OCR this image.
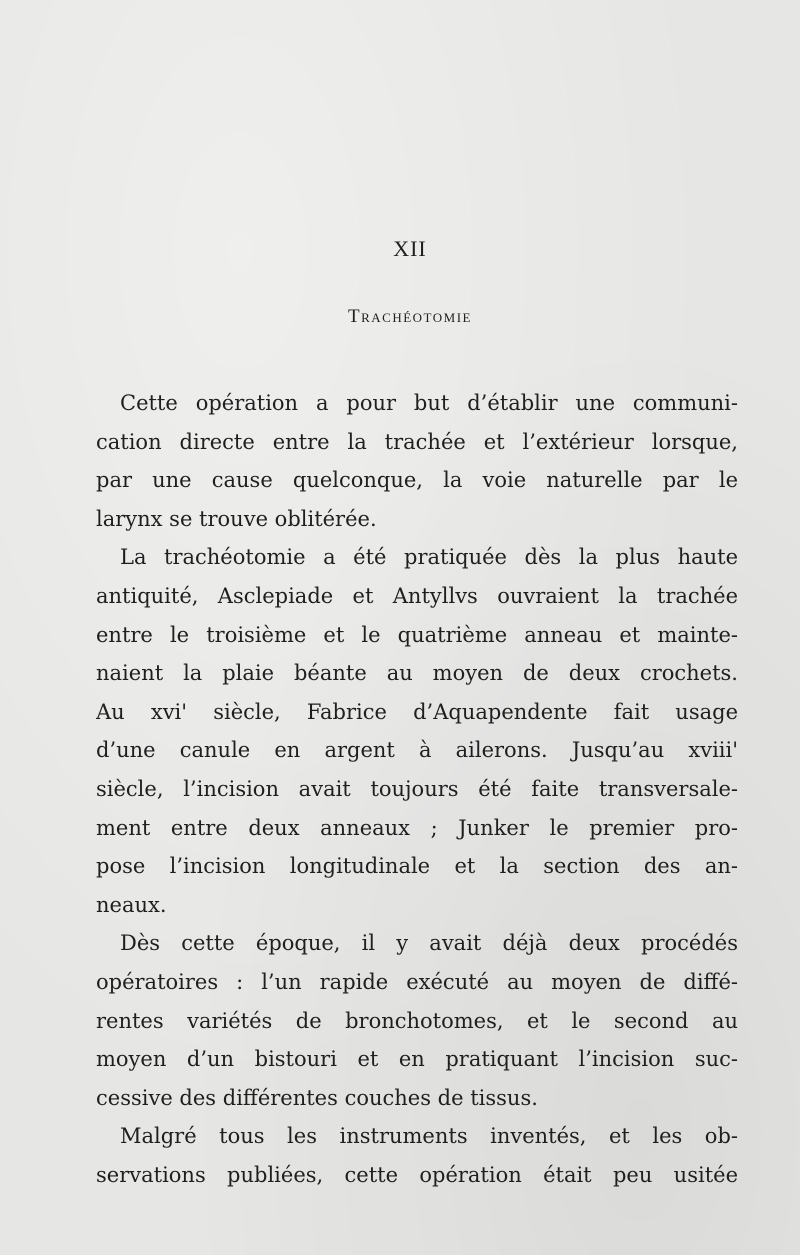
XII
Trachéotomie
Cette opération a pour but d’établir une communi-
cation directe entre la trachée et l’extérieur lorsque,
par une cause quelconque, la voie naturelle par le
larynx se trouve oblitérée.
La trachéotomie a été pratiquée dès la plus haute
antiquité, Asclepiade et Antyllvs ouvraient la trachée
entre le troisième et le quatrième anneau et mainte-
naient la plaie béante au moyen de deux crochets.
Au xvi' siècle, Fabrice d’Aquapendente fait usage
d’une canule en argent à ailerons. Jusqu’au xviii'
siècle, l’incision avait toujours été faite transversale-
ment entre deux anneaux ; Junker le premier pro-
pose l’incision longitudinale et la section des an-
neaux.
Dès cette époque, il y avait déjà deux procédés
opératoires : l’un rapide exécuté au moyen de diffé-
rentes variétés de bronchotomes, et le second au
moyen d’un bistouri et en pratiquant l’incision suc-
cessive des différentes couches de tissus.
Malgré tous les instruments inventés, et les ob-
servations publiées, cette opération était peu usitée
